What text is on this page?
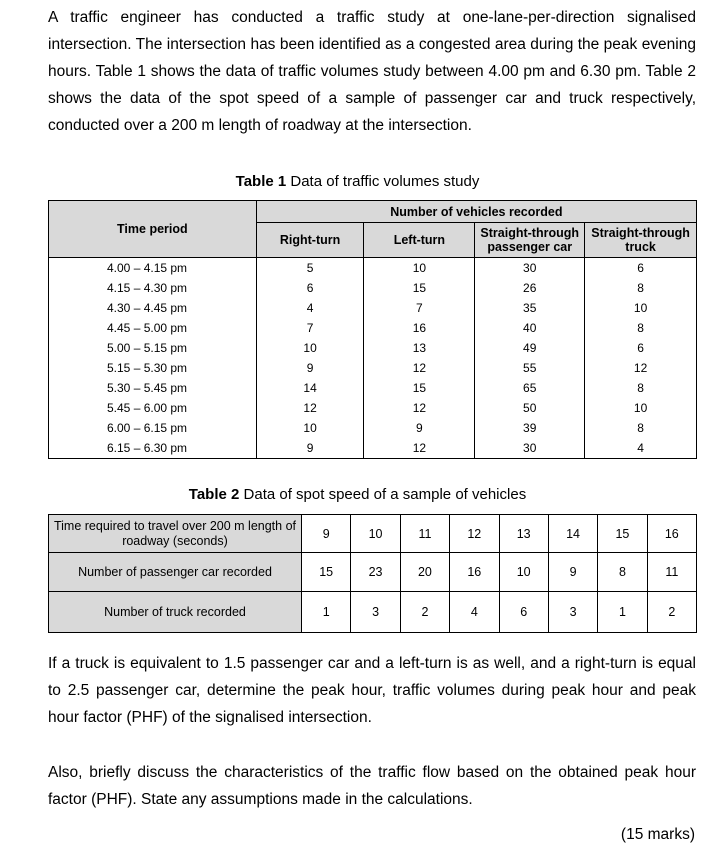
A traffic engineer has conducted a traffic study at one-lane-per-direction signalised intersection. The intersection has been identified as a congested area during the peak evening hours. Table 1 shows the data of traffic volumes study between 4.00 pm and 6.30 pm. Table 2 shows the data of the spot speed of a sample of passenger car and truck respectively, conducted over a 200 m length of roadway at the intersection.

Table 1 Data of traffic volumes study
Time period	Number of vehicles recorded			
	Right-turn	Left-turn	Straight-through passenger car	Straight-through truck
4.00 – 4.15 pm	5	10	30	6
4.15 – 4.30 pm	6	15	26	8
4.30 – 4.45 pm	4	7	35	10
4.45 – 5.00 pm	7	16	40	8
5.00 – 5.15 pm	10	13	49	6
5.15 – 5.30 pm	9	12	55	12
5.30 – 5.45 pm	14	15	65	8
5.45 – 6.00 pm	12	12	50	10
6.00 – 6.15 pm	10	9	39	8
6.15 – 6.30 pm	9	12	30	4
Table 2 Data of spot speed of a sample of vehicles
Time required to travel over 200 m length of roadway (seconds)	9	10	11	12	13	14	15	16
Number of passenger car recorded	15	23	20	16	10	9	8	11
Number of truck recorded	1	3	2	4	6	3	1	2

If a truck is equivalent to 1.5 passenger car and a left-turn is as well, and a right-turn is equal to 2.5 passenger car, determine the peak hour, traffic volumes during peak hour and peak hour factor (PHF) of the signalised intersection.

Also, briefly discuss the characteristics of the traffic flow based on the obtained peak hour factor (PHF). State any assumptions made in the calculations.

(15 marks)
